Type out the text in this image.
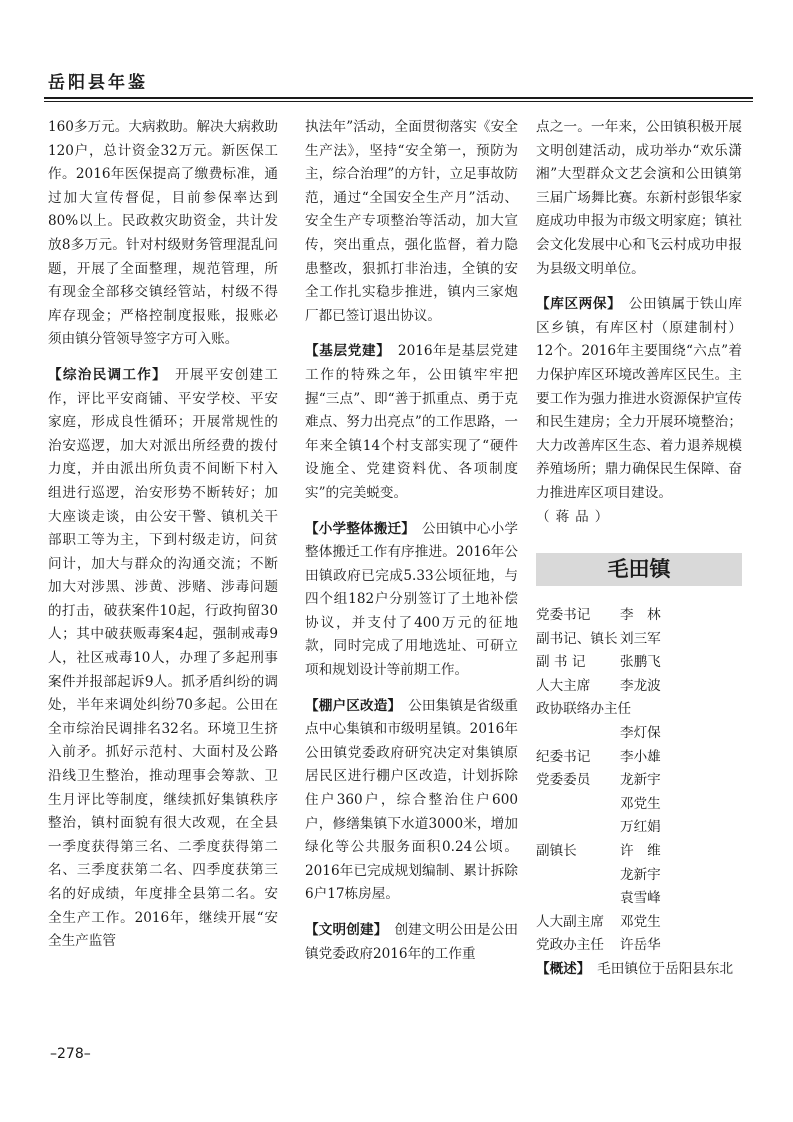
岳阳县年鉴

160多万元。大病救助。解决大病救助120户，总计资金32万元。新医保工作。2016年医保提高了缴费标准，通过加大宣传督促，目前参保率达到80%以上。民政救灾助资金，共计发放8多万元。针对村级财务管理混乱问题，开展了全面整理，规范管理，所有现金全部移交镇经管站，村级不得库存现金；严格控制度报账，报账必须由镇分管领导签字方可入账。

【综治民调工作】　 开展平安创建工作，评比平安商铺、平安学校、平安家庭，形成良性循环；开展常规性的治安巡逻，加大对派出所经费的拨付力度，并由派出所负责不间断下村入组进行巡逻，治安形势不断转好；加大座谈走谈，由公安干警、镇机关干部职工等为主，下到村级走访，问贫问计，加大与群众的沟通交流；不断加大对涉黑、涉黄、涉赌、涉毒问题的打击，破获案件10起，行政拘留30人；其中破获贩毒案4起，强制戒毒9人，社区戒毒10人，办理了多起刑事案件并报部起诉9人。抓矛盾纠纷的调处，半年来调处纠纷70多起。公田在全市综治民调排名32名。环境卫生挤入前矛。抓好示范村、大面村及公路沿线卫生整治，推动理事会筹款、卫生月评比等制度，继续抓好集镇秩序整治，镇村面貌有很大改观，在全县一季度获得第三名、二季度获得第二名、三季度获第二名、四季度获第三名的好成绩，年度排全县第二名。安全生产工作。2016年，继续开展“安全生产监管

执法年”活动，全面贯彻落实《安全生产法》，坚持“安全第一，预防为主，综合治理”的方针，立足事故防范，通过“全国安全生产月”活动、安全生产专项整治等活动，加大宣传，突出重点，强化监督，着力隐患整改，狠抓打非治违，全镇的安全工作扎实稳步推进，镇内三家炮厂都已签订退出协议。

【基层党建】　 2016年是基层党建工作的特殊之年，公田镇牢牢把握“三点”、即“善于抓重点、勇于克难点、努力出亮点”的工作思路，一年来全镇14个村支部实现了“硬件设施全、党建资料优、各项制度实”的完美蜕变。

【小学整体搬迁】　 公田镇中心小学整体搬迁工作有序推进。2016年公田镇政府已完成5.33公顷征地，与四个组182户分别签订了土地补偿协议，并支付了400万元的征地款，同时完成了用地选址、可研立项和规划设计等前期工作。

【棚户区改造】　 公田集镇是省级重点中心集镇和市级明星镇。2016年公田镇党委政府研究决定对集镇原居民区进行棚户区改造，计划拆除住户360户，综合整治住户600户，修缮集镇下水道3000米，增加绿化等公共服务面积0.24公顷。2016年已完成规划编制、累计拆除6户17栋房屋。

【文明创建】　 创建文明公田是公田镇党委政府2016年的工作重

点之一。一年来，公田镇积极开展文明创建活动，成功举办“欢乐潇湘”大型群众文艺会演和公田镇第三届广场舞比赛。东新村彭银华家庭成功申报为市级文明家庭；镇社会文化发展中心和飞云村成功申报为县级文明单位。

【库区两保】　 公田镇属于铁山库区乡镇，有库区村（原建制村）12个。2016年主要围绕“六点”着力保护库区环境改善库区民生。主要工作为强力推进水资源保护宣传和民生建房；全力开展环境整治；大力改善库区生态、着力退养规模养殖场所；鼎力确保民生保障、奋力推进库区项目建设。

（蒋品）

毛田镇
党委书记	李　林
副书记、镇长 刘三军
副 书 记	张鹏飞
人大主席	李龙波
政协联络办主任
李灯保
纪委书记	李小雄
党委委员	龙新宇
邓党生
万红娟
副镇长	许　维
龙新宇
袁雪峰
人大副主席	邓党生
党政办主任	许岳华

【概述】　 毛田镇位于岳阳县东北

–278–
